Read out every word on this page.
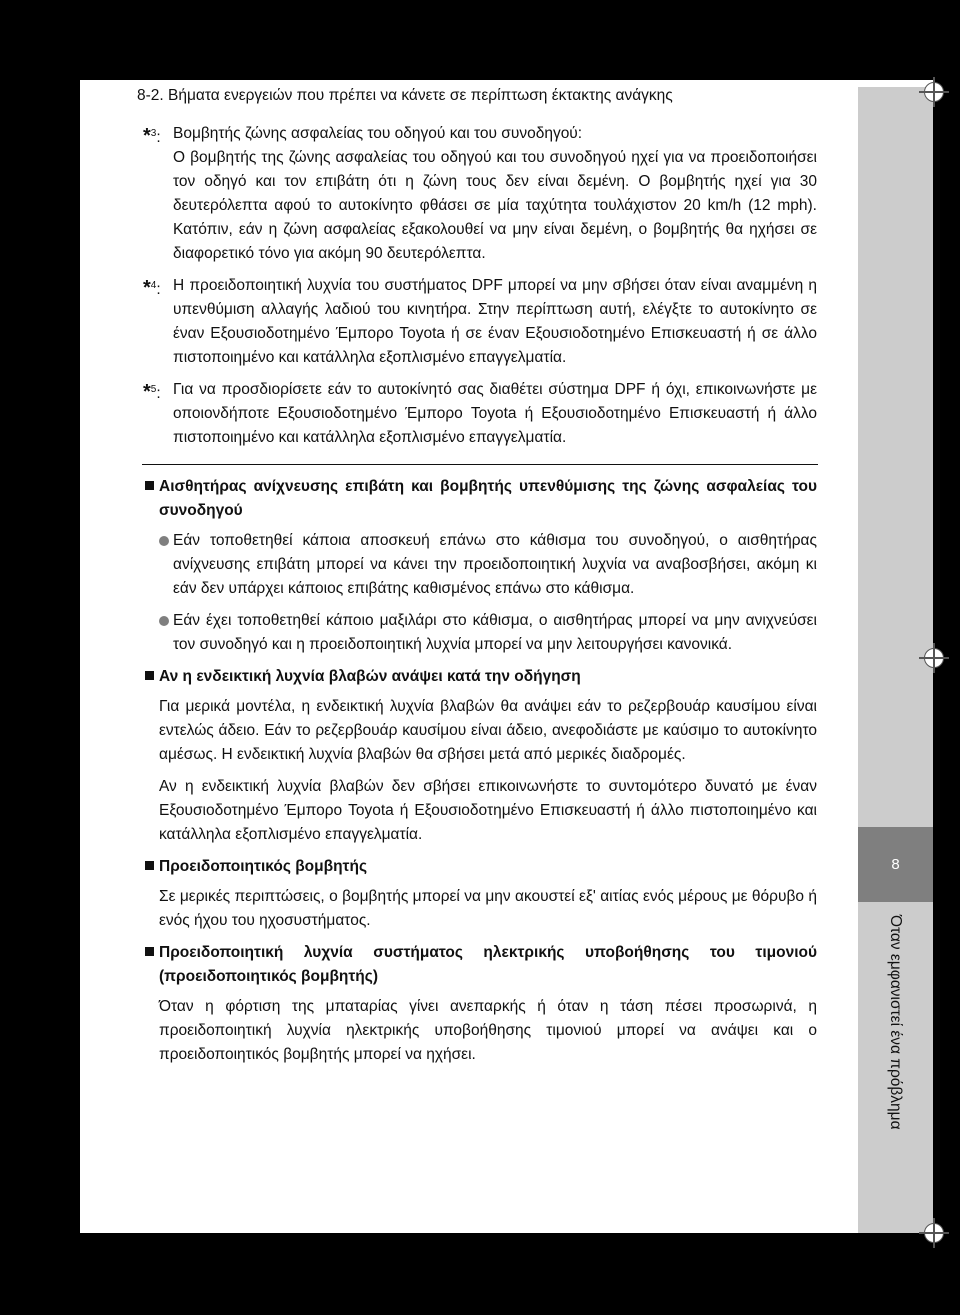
8-2. Βήματα ενεργειών που πρέπει να κάνετε σε περίπτωση έκτακτης ανάγκης
8
Όταν εμφανιστεί ένα πρόβλημα
*$^3$: Βομβητής ζώνης ασφαλείας του οδηγού και του συνοδηγού:
Ο βομβητής της ζώνης ασφαλείας του οδηγού και του συνοδηγού ηχεί για να προειδοποιήσει τον οδηγό και τον επιβάτη ότι η ζώνη τους δεν είναι δεμένη. Ο βομβητής ηχεί για 30 δευτερόλεπτα αφού το αυτοκίνητο φθάσει σε μία ταχύτητα τουλάχιστον 20 km/h (12 mph). Κατόπιν, εάν η ζώνη ασφαλείας εξακολουθεί να μην είναι δεμένη, ο βομβητής θα ηχήσει σε διαφορετικό τόνο για ακόμη 90 δευτερόλεπτα.
*$^4$: Η προειδοποιητική λυχνία του συστήματος DPF μπορεί να μην σβήσει όταν είναι αναμμένη η υπενθύμιση αλλαγής λαδιού του κινητήρα. Στην περίπτωση αυτή, ελέγξτε το αυτοκίνητο σε έναν Εξουσιοδοτημένο Έμπορο Toyota ή σε έναν Εξουσιοδοτημένο Επισκευαστή ή σε άλλο πιστοποιημένο και κατάλληλα εξοπλισμένο επαγγελματία.
*$^5$: Για να προσδιορίσετε εάν το αυτοκίνητό σας διαθέτει σύστημα DPF ή όχι, επικοινωνήστε με οποιονδήποτε Εξουσιοδοτημένο Έμπορο Toyota ή Εξουσιοδοτημένο Επισκευαστή ή άλλο πιστοποιημένο και κατάλληλα εξοπλισμένο επαγγελματία.
Αισθητήρας ανίχνευσης επιβάτη και βομβητής υπενθύμισης της ζώνης ασφαλείας του συνοδηγού
Εάν τοποθετηθεί κάποια αποσκευή επάνω στο κάθισμα του συνοδηγού, ο αισθητήρας ανίχνευσης επιβάτη μπορεί να κάνει την προειδοποιητική λυχνία να αναβοσβήσει, ακόμη κι εάν δεν υπάρχει κάποιος επιβάτης καθισμένος επάνω στο κάθισμα.
Εάν έχει τοποθετηθεί κάποιο μαξιλάρι στο κάθισμα, ο αισθητήρας μπορεί να μην ανιχνεύσει τον συνοδηγό και η προειδοποιητική λυχνία μπορεί να μην λειτουργήσει κανονικά.
Αν η ενδεικτική λυχνία βλαβών ανάψει κατά την οδήγηση
Για μερικά μοντέλα, η ενδεικτική λυχνία βλαβών θα ανάψει εάν το ρεζερβουάρ καυσίμου είναι εντελώς άδειο. Εάν το ρεζερβουάρ καυσίμου είναι άδειο, ανεφοδιάστε με καύσιμο το αυτοκίνητο αμέσως. Η ενδεικτική λυχνία βλαβών θα σβήσει μετά από μερικές διαδρομές.
Αν η ενδεικτική λυχνία βλαβών δεν σβήσει επικοινωνήστε το συντομότερο δυνατό με έναν Εξουσιοδοτημένο Έμπορο Toyota ή Εξουσιοδοτημένο Επισκευαστή ή άλλο πιστοποιημένο και κατάλληλα εξοπλισμένο επαγγελματία.
Προειδοποιητικός βομβητής
Σε μερικές περιπτώσεις, ο βομβητής μπορεί να μην ακουστεί εξ' αιτίας ενός μέρους με θόρυβο ή ενός ήχου του ηχοσυστήματος.
Προειδοποιητική λυχνία συστήματος ηλεκτρικής υποβοήθησης του τιμονιού (προειδοποιητικός βομβητής)
Όταν η φόρτιση της μπαταρίας γίνει ανεπαρκής ή όταν η τάση πέσει προσωρινά, η προειδοποιητική λυχνία ηλεκτρικής υποβοήθησης τιμονιού μπορεί να ανάψει και ο προειδοποιητικός βομβητής μπορεί να ηχήσει.
